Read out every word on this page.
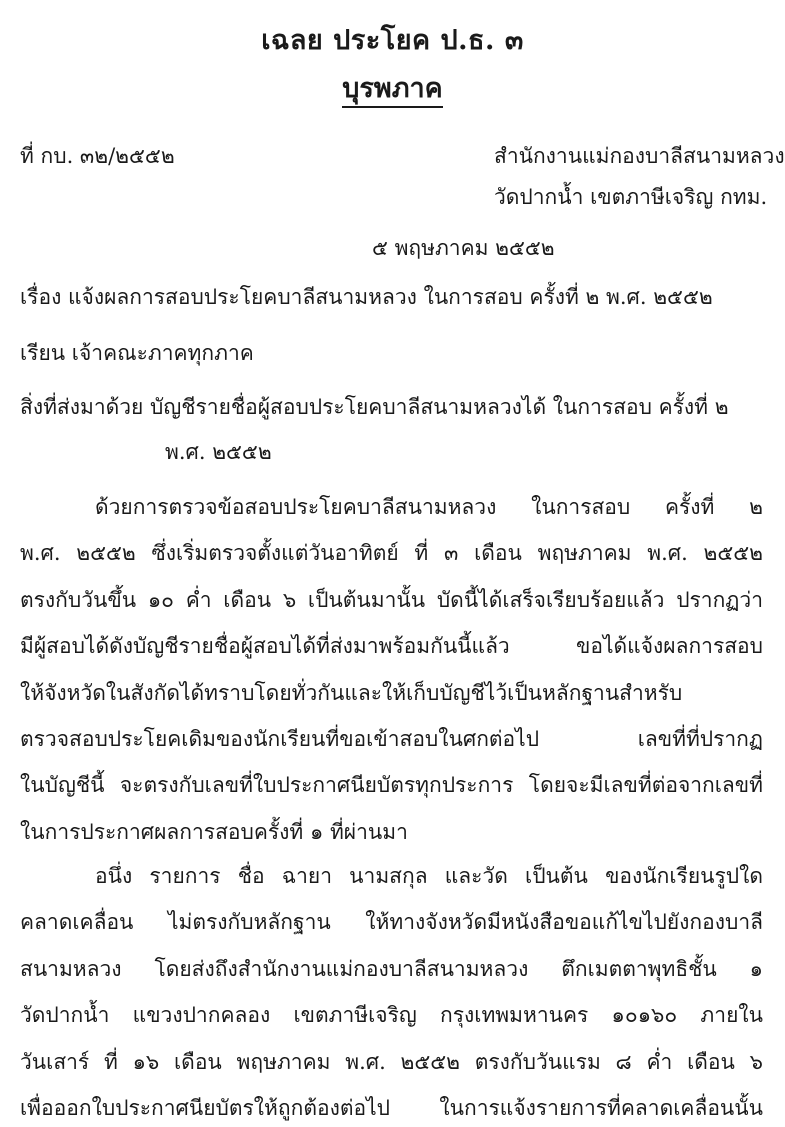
เฉลย ประโยค ป.ธ. ๓
บุรพภาค
ที่ กบ. ๓๒/๒๕๕๒	สำนักงานแม่กองบาลีสนามหลวง
วัดปากน้ำ เขตภาษีเจริญ กทม.
๕ พฤษภาคม ๒๕๕๒
เรื่อง แจ้งผลการสอบประโยคบาลีสนามหลวง ในการสอบ ครั้งที่ ๒ พ.ศ. ๒๕๕๒
เรียน เจ้าคณะภาคทุกภาค
สิ่งที่ส่งมาด้วย บัญชีรายชื่อผู้สอบประโยคบาลีสนามหลวงได้ ในการสอบ ครั้งที่ ๒
พ.ศ. ๒๕๕๒
ด้วยการตรวจข้อสอบประโยคบาลีสนามหลวง ในการสอบ ครั้งที่ ๒
พ.ศ. ๒๕๕๒ ซึ่งเริ่มตรวจตั้งแต่วันอาทิตย์ ที่ ๓ เดือน พฤษภาคม พ.ศ. ๒๕๕๒
ตรงกับวันขึ้น ๑๐ ค่ำ เดือน ๖ เป็นต้นมานั้น บัดนี้ได้เสร็จเรียบร้อยแล้ว ปรากฏว่า
มีผู้สอบได้ดังบัญชีรายชื่อผู้สอบได้ที่ส่งมาพร้อมกันนี้แล้ว ขอได้แจ้งผลการสอบ
ให้จังหวัดในสังกัดได้ทราบโดยทั่วกันและให้เก็บบัญชีไว้เป็นหลักฐานสำหรับ
ตรวจสอบประโยคเดิมของนักเรียนที่ขอเข้าสอบในศกต่อไป เลขที่ที่ปรากฏ
ในบัญชีนี้ จะตรงกับเลขที่ใบประกาศนียบัตรทุกประการ โดยจะมีเลขที่ต่อจากเลขที่
ในการประกาศผลการสอบครั้งที่ ๑ ที่ผ่านมา
อนึ่ง รายการ ชื่อ ฉายา นามสกุล และวัด เป็นต้น ของนักเรียนรูปใด
คลาดเคลื่อน ไม่ตรงกับหลักฐาน ให้ทางจังหวัดมีหนังสือขอแก้ไขไปยังกองบาลี
สนามหลวง โดยส่งถึงสำนักงานแม่กองบาลีสนามหลวง ตึกเมตตาพุทธิชั้น ๑
วัดปากน้ำ แขวงปากคลอง เขตภาษีเจริญ กรุงเทพมหานคร ๑๐๑๖๐ ภายใน
วันเสาร์ ที่ ๑๖ เดือน พฤษภาคม พ.ศ. ๒๕๕๒ ตรงกับวันแรม ๘ ค่ำ เดือน ๖
เพื่อออกใบประกาศนียบัตรให้ถูกต้องต่อไป ในการแจ้งรายการที่คลาดเคลื่อนนั้น
